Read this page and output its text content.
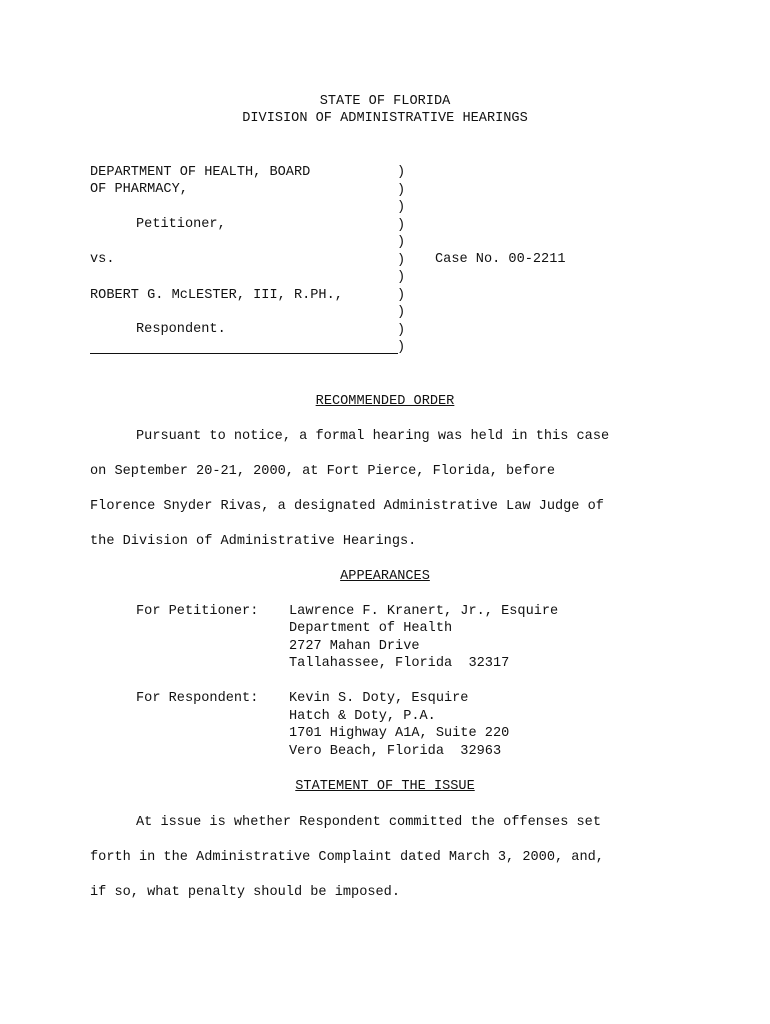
STATE OF FLORIDA
DIVISION OF ADMINISTRATIVE HEARINGS
DEPARTMENT OF HEALTH, BOARD
OF PHARMACY,
Petitioner,
vs.	Case No. 00-2211
ROBERT G. McLESTER, III, R.PH.,
Respondent.
)
)
)
)
)
)
)
)
)
)
)
RECOMMENDED ORDER
Pursuant to notice, a formal hearing was held in this case
on September 20-21, 2000, at Fort Pierce, Florida, before
Florence Snyder Rivas, a designated Administrative Law Judge of
the Division of Administrative Hearings.
APPEARANCES
For Petitioner: Lawrence F. Kranert, Jr., Esquire
Department of Health
2727 Mahan Drive
Tallahassee, Florida  32317
For Respondent: Kevin S. Doty, Esquire
Hatch & Doty, P.A.
1701 Highway A1A, Suite 220
Vero Beach, Florida  32963
STATEMENT OF THE ISSUE
At issue is whether Respondent committed the offenses set
forth in the Administrative Complaint dated March 3, 2000, and,
if so, what penalty should be imposed.
